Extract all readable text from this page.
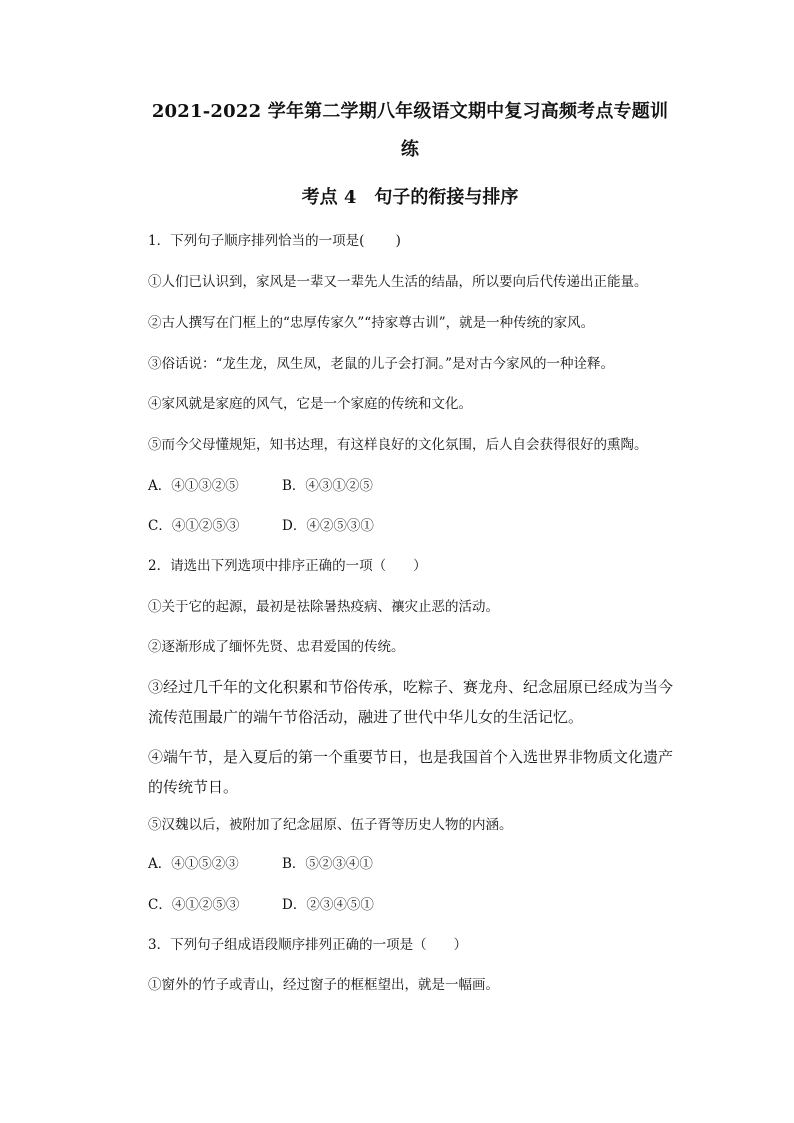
2021-2022 学年第二学期八年级语文期中复习高频考点专题训
练
考点 4　句子的衔接与排序
1．下列句子顺序排列恰当的一项是(　　 )
①人们已认识到，家风是一辈又一辈先人生活的结晶，所以要向后代传递出正能量。
②古人撰写在门框上的“忠厚传家久”“持家尊古训”，就是一种传统的家风。
③俗话说：“龙生龙，凤生凤，老鼠的儿子会打洞。”是对古今家风的一种诠释。
④家风就是家庭的风气，它是一个家庭的传统和文化。
⑤而今父母懂规矩，知书达理，有这样良好的文化氛围，后人自会获得很好的熏陶。
A．④①③②⑤	B．④③①②⑤
C．④①②⑤③	D．④②⑤③①
2．请选出下列选项中排序正确的一项（　　）
①关于它的起源，最初是祛除暑热疫病、禳灾止恶的活动。
②逐渐形成了缅怀先贤、忠君爱国的传统。
③经过几千年的文化积累和节俗传承，吃粽子、赛龙舟、纪念屈原已经成为当今流传范围最广的端午节俗活动，融进了世代中华儿女的生活记忆。
④端午节，是入夏后的第一个重要节日，也是我国首个入选世界非物质文化遗产的传统节日。
⑤汉魏以后，被附加了纪念屈原、伍子胥等历史人物的内涵。
A．④①⑤②③	B．⑤②③④①
C．④①②⑤③	D．②③④⑤①
3．下列句子组成语段顺序排列正确的一项是（　　）
①窗外的竹子或青山，经过窗子的框框望出，就是一幅画。
